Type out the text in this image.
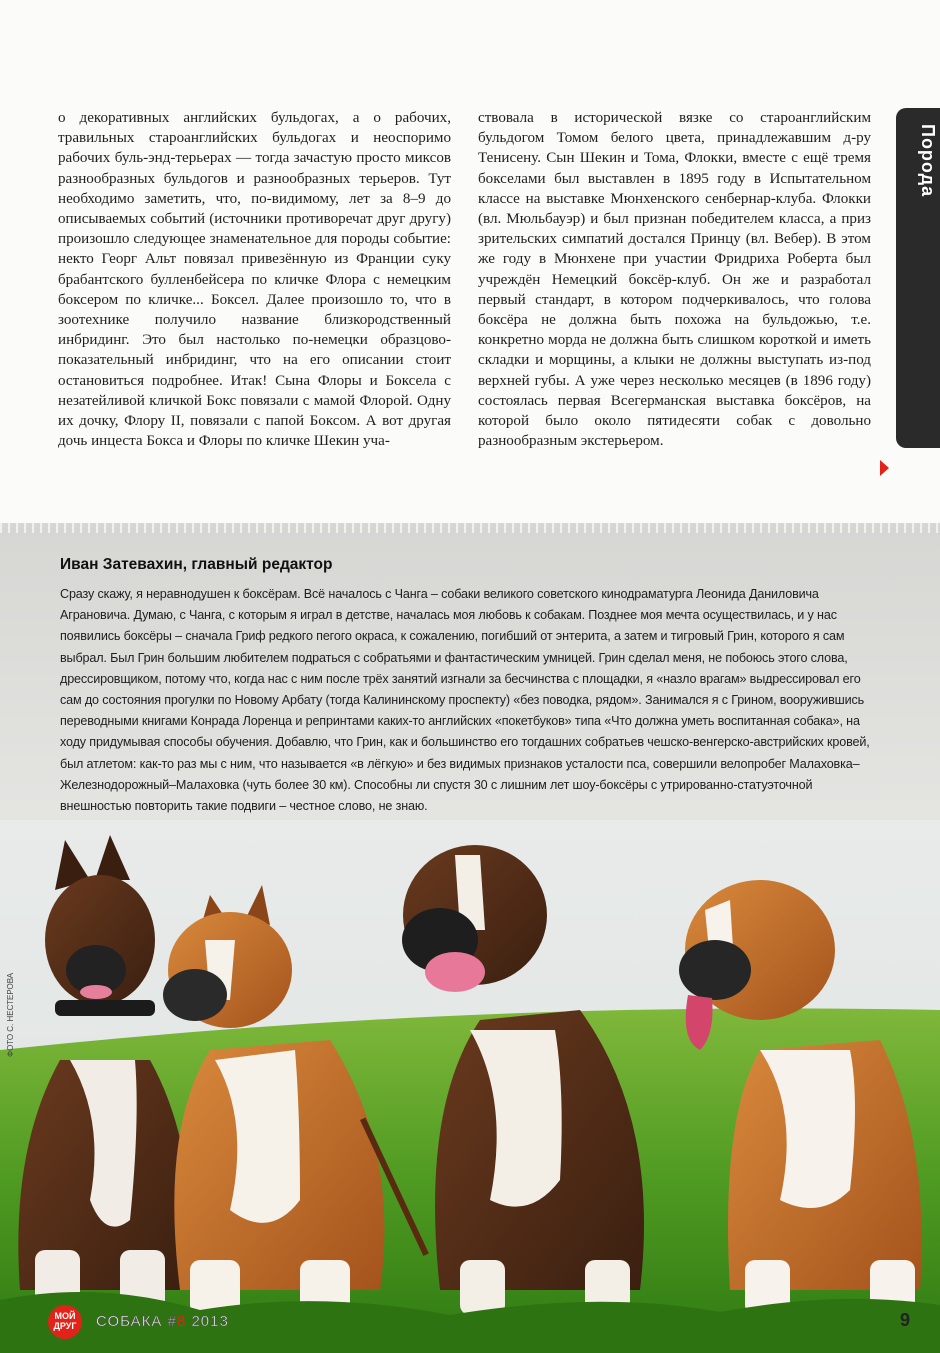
о декоративных английских бульдогах, а о рабочих, травильных староанглийских бульдогах и неоспоримо рабочих буль-энд-терьерах — тогда зачастую просто миксов разнообразных бульдогов и разнообразных терьеров. Тут необходимо заметить, что, по-видимому, лет за 8–9 до описываемых событий (источники противоречат друг другу) произошло следующее знаменательное для породы событие: некто Георг Альт повязал привезённую из Франции суку брабантского булленбейсера по кличке Флора с немецким боксером по кличке... Боксел. Далее произошло то, что в зоотехнике получило название близкородственный инбридинг. Это был настолько по-немецки образцово-показательный инбридинг, что на его описании стоит остановиться подробнее. Итак! Сына Флоры и Боксела с незатейливой кличкой Бокс повязали с мамой Флорой. Одну их дочку, Флору II, повязали с папой Боксом. А вот другая дочь инцеста Бокса и Флоры по кличке Шекин уча-

ствовала в исторической вязке со староанглийским бульдогом Томом белого цвета, принадлежавшим д-ру Тенисену. Сын Шекин и Тома, Флокки, вместе с ещё тремя бокселами был выставлен в 1895 году в Испытательном классе на выставке Мюнхенского сенбернар-клуба. Флокки (вл. Мюльбауэр) и был признан победителем класса, а приз зрительских симпатий достался Принцу (вл. Вебер). В этом же году в Мюнхене при участии Фридриха Роберта был учреждён Немецкий боксёр-клуб. Он же и разработал первый стандарт, в котором подчеркивалось, что голова боксёра не должна быть похожа на бульдожью, т.е. конкретно морда не должна быть слишком короткой и иметь складки и морщины, а клыки не должны выступать из-под верхней губы. А уже через несколько месяцев (в 1896 году) состоялась первая Всегерманская выставка боксёров, на которой было около пятидесяти собак с довольно разнообразным экстерьером.

Порода
Иван Затевахин, главный редактор

Сразу скажу, я неравнодушен к боксёрам. Всё началось с Чанга – собаки великого советского кинодраматурга Леонида Даниловича Аграновича. Думаю, с Чанга, с которым я играл в детстве, началась моя любовь к собакам. Позднее моя мечта осуществилась, и у нас появились боксёры – сначала Гриф редкого пегого окраса, к сожалению, погибший от энтерита, а затем и тигровый Грин, которого я сам выбрал. Был Грин большим любителем подраться с собратьями и фантастическим умницей. Грин сделал меня, не побоюсь этого слова, дрессировщиком, потому что, когда нас с ним после трёх занятий изгнали за бесчинства с площадки, я «назло врагам» выдрессировал его сам до состояния прогулки по Новому Арбату (тогда Калининскому проспекту) «без поводка, рядом». Занимался я с Грином, вооружившись переводными книгами Конрада Лоренца и репринтами каких-то английских «покетбуков» типа «Что должна уметь воспитанная собака», на ходу придумывая способы обучения. Добавлю, что Грин, как и большинство его тогдашних собратьев чешско-венгерско-австрийских кровей, был атлетом: как-то раз мы с ним, что называется «в лёгкую» и без видимых признаков усталости пса, совершили велопробег Малаховка–Железнодорожный–Малаховка (чуть более 30 км). Способны ли спустя 30 с лишним лет шоу-боксёры с утрированно-статуэточной внешностью повторить такие подвиги – честное слово, не знаю.

ФОТО С. НЕСТЕРОВА
МОЙ
ДРУГ	СОБАКА #8 2013	9
